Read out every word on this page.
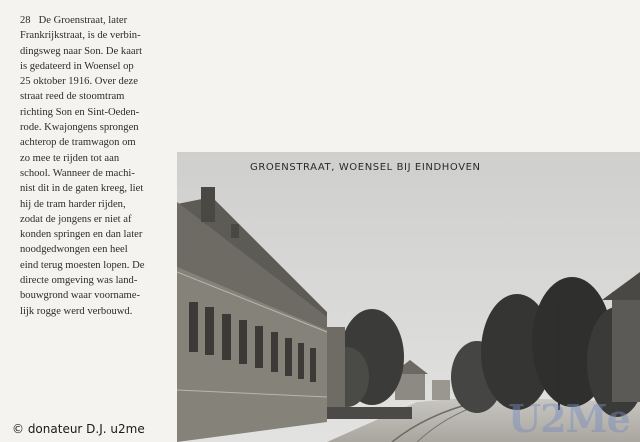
28 De Groenstraat, later
Frankrijkstraat, is de verbin-
dingsweg naar Son. De kaart
is gedateerd in Woensel op
25 oktober 1916. Over deze
straat reed de stoomtram
richting Son en Sint-Oeden-
rode. Kwajongens sprongen
achterop de tramwagon om
zo mee te rijden tot aan
school. Wanneer de machi-
nist dit in de gaten kreeg, liet
hij de tram harder rijden,
zodat de jongens er niet af
konden springen en dan later
noodgedwongen een heel
eind terug moesten lopen. De
directe omgeving was land-
bouwgrond waar voorname-
lijk rogge werd verbouwd.
GROENSTRAAT, WOENSEL BIJ EINDHOVEN
© donateur D.J. u2me	U2Me
